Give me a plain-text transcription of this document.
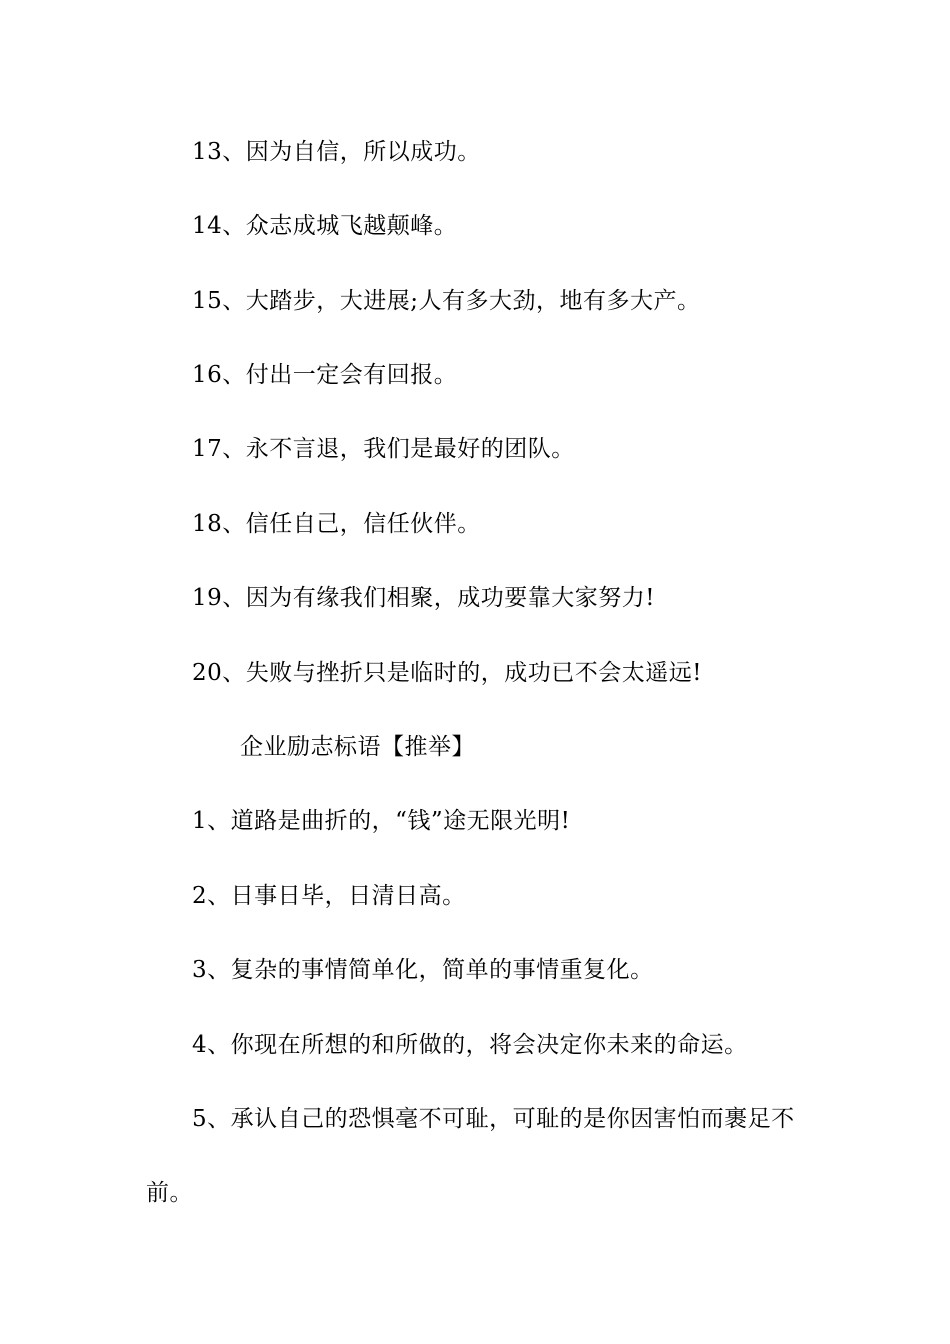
13、因为自信，所以成功。
14、众志成城飞越颠峰。
15、大踏步，大进展;人有多大劲，地有多大产。
16、付出一定会有回报。
17、永不言退，我们是最好的团队。
18、信任自己，信任伙伴。
19、因为有缘我们相聚，成功要靠大家努力!
20、失败与挫折只是临时的，成功已不会太遥远!
企业励志标语【推举】
1、道路是曲折的，“钱”途无限光明!
2、日事日毕，日清日高。
3、复杂的事情简单化，简单的事情重复化。
4、你现在所想的和所做的，将会决定你未来的命运。
5、承认自己的恐惧毫不可耻，可耻的是你因害怕而裹足不
前。
